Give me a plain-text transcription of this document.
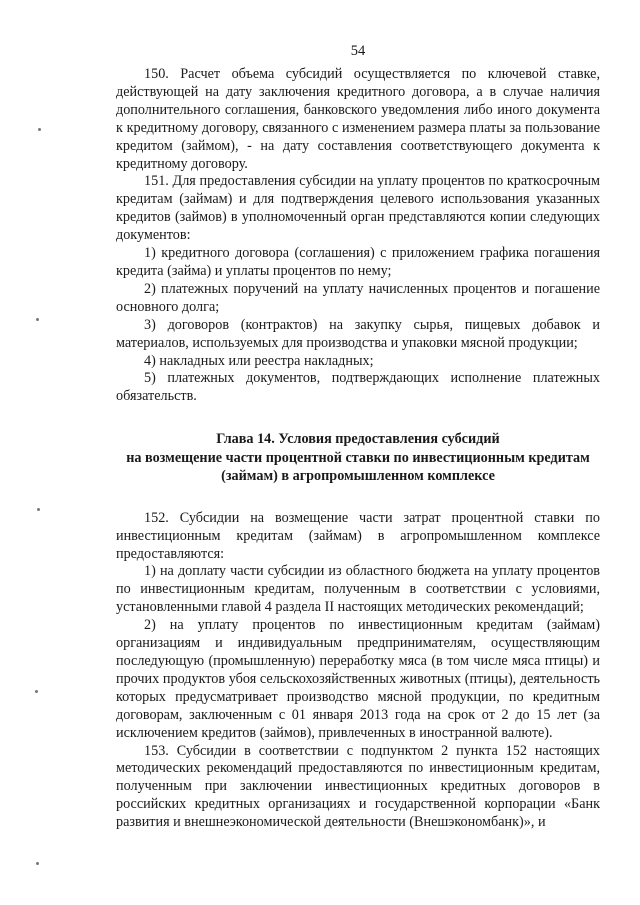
54

150. Расчет объема субсидий осуществляется по ключевой ставке, действующей на дату заключения кредитного договора, а в случае наличия дополнительного соглашения, банковского уведомления либо иного документа к кредитному договору, связанного с изменением размера платы за пользование кредитом (займом), - на дату составления соответствующего документа к кредитному договору.

151. Для предоставления субсидии на уплату процентов по краткосрочным кредитам (займам) и для подтверждения целевого использования указанных кредитов (займов) в уполномоченный орган представляются копии следующих документов:

1) кредитного договора (соглашения) с приложением графика погашения кредита (займа) и уплаты процентов по нему;

2) платежных поручений на уплату начисленных процентов и погашение основного долга;

3) договоров (контрактов) на закупку сырья, пищевых добавок и материалов, используемых для производства и упаковки мясной продукции;

4) накладных или реестра накладных;

5) платежных документов, подтверждающих исполнение платежных обязательств.

Глава 14. Условия предоставления субсидий
на возмещение части процентной ставки по инвестиционным кредитам
(займам) в агропромышленном комплексе

152. Субсидии на возмещение части затрат процентной ставки по инвестиционным кредитам (займам) в агропромышленном комплексе предоставляются:

1) на доплату части субсидии из областного бюджета на уплату процентов по инвестиционным кредитам, полученным в соответствии с условиями, установленными главой 4 раздела II настоящих методических рекомендаций;

2) на уплату процентов по инвестиционным кредитам (займам) организациям и индивидуальным предпринимателям, осуществляющим последующую (промышленную) переработку мяса (в том числе мяса птицы) и прочих продуктов убоя сельскохозяйственных животных (птицы), деятельность которых предусматривает производство мясной продукции, по кредитным договорам, заключенным с 01 января 2013 года на срок от 2 до 15 лет (за исключением кредитов (займов), привлеченных в иностранной валюте).

153. Субсидии в соответствии с подпунктом 2 пункта 152 настоящих методических рекомендаций предоставляются по инвестиционным кредитам, полученным при заключении инвестиционных кредитных договоров в российских кредитных организациях и государственной корпорации «Банк развития и внешнеэкономической деятельности (Внешэкономбанк)», и
